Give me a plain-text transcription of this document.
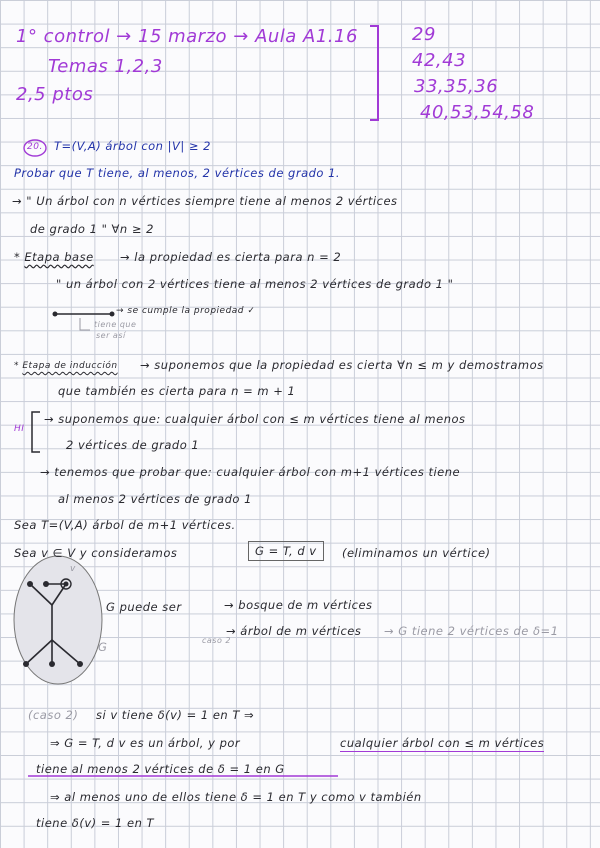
1° control → 15 marzo → Aula A1.16
Temas 1,2,3
2,5 ptos
29
42,43
33,35,36
40,53,54,58
20. T=(V,A) árbol con |V| ≥ 2
Probar que T tiene, al menos, 2 vértices de grado 1.
→ " Un árbol con n vértices siempre tiene al menos 2 vértices
de grado 1 " ∀n ≥ 2
* Etapa base → la propiedad es cierta para n = 2
" un árbol con 2 vértices tiene al menos 2 vértices de grado 1 "
→ se cumple la propiedad ✓
tiene que
ser así
* Etapa de inducción → suponemos que la propiedad es cierta ∀n ≤ m y demostramos
que también es cierta para n = m + 1
HI
→ suponemos que: cualquier árbol con ≤ m vértices tiene al menos
2 vértices de grado 1
→ tenemos que probar que: cualquier árbol con m+1 vértices tiene
al menos 2 vértices de grado 1
Sea T=(V,A) árbol de m+1 vértices.
Sea v ∈ V y consideramos	G = T, d v	(eliminamos un vértice)
G
v
G puede ser	→ bosque de m vértices
→ árbol de m vértices → G tiene 2 vértices de δ=1
caso 2
(caso 2) si v tiene δ(v) = 1 en T ⇒
⇒ G = T, d v es un árbol, y por	cualquier árbol con ≤ m vértices
tiene al menos 2 vértices de δ = 1 en G
⇒ al menos uno de ellos tiene δ = 1 en T y como v también
tiene δ(v) = 1 en T
